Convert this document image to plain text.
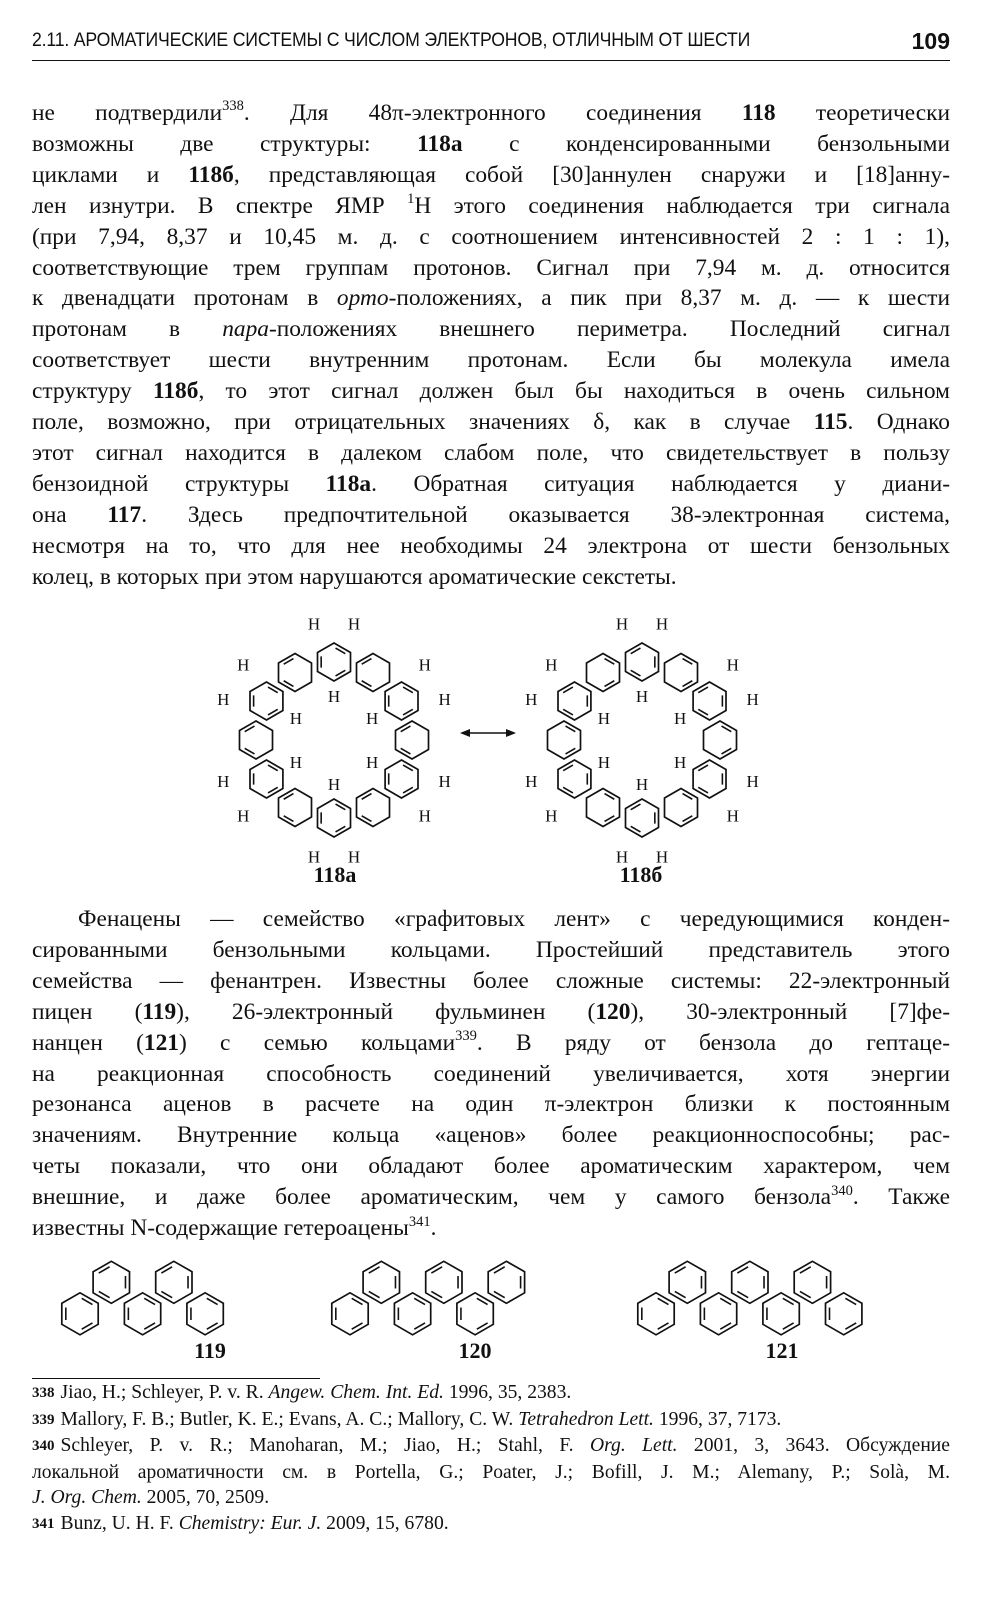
2.11. АРОМАТИЧЕСКИЕ СИСТЕМЫ С ЧИСЛОМ ЭЛЕКТРОНОВ, ОТЛИЧНЫМ ОТ ШЕСТИ	109
не подтвердили$^{338}$. Для 48π-электронного соединения 118 теоретически
возможны две структуры: 118а с конденсированными бензольными
циклами и 118б, представляющая собой [30]аннулен снаружи и [18]анну-
лен изнутри. В спектре ЯМР $^1$Н этого соединения наблюдается три сигнала
(при 7,94, 8,37 и 10,45 м. д. с соотношением интенсивностей 2 : 1 : 1),
соответствующие трем группам протонов. Сигнал при 7,94 м. д. относится
к двенадцати протонам в орто-положениях, а пик при 8,37 м. д. — к шести
протонам в пара-положениях внешнего периметра. Последний сигнал
соответствует шести внутренним протонам. Если бы молекула имела
структуру 118б, то этот сигнал должен был бы находиться в очень сильном
поле, возможно, при отрицательных значениях δ, как в случае 115. Однако
этот сигнал находится в далеком слабом поле, что свидетельствует в пользу
бензоидной структуры 118а. Обратная ситуация наблюдается у диани-
она 117. Здесь предпочтительной оказывается 38-электронная система,
несмотря на то, что для нее необходимы 24 электрона от шести бензольных
колец, в которых при этом нарушаются ароматические секстеты.
H H
H
H
H
H
H
H
H
H
H
H
H
H
H
H
H
H
H H
H
H
H
H
H
H
H
H
H
H
H
H
H
H
H
H
118а	118б
Фенацены — семейство «графитовых лент» с чередующимися конден-
сированными бензольными кольцами. Простейший представитель этого
семейства — фенантрен. Известны более сложные системы: 22-электронный
пицен (119), 26-электронный фульминен (120), 30-электронный [7]фе-
нанцен (121) с семью кольцами$^{339}$. В ряду от бензола до гептаце-
на реакционная способность соединений увеличивается, хотя энергии
резонанса аценов в расчете на один π-электрон близки к постоянным
значениям. Внутренние кольца «аценов» более реакционноспособны; рас-
четы показали, что они обладают более ароматическим характером, чем
внешние, и даже более ароматическим, чем у самого бензола$^{340}$. Также
известны N-содержащие гетероацены$^{341}$.
119	120	121
338 Jiao, H.; Schleyer, P. v. R. Angew. Chem. Int. Ed. 1996, 35, 2383.
339 Mallory, F. B.; Butler, K. E.; Evans, A. C.; Mallory, C. W. Tetrahedron Lett. 1996, 37, 7173.
340 Schleyer, P. v. R.; Manoharan, M.; Jiao, H.; Stahl, F. Org. Lett. 2001, 3, 3643. Обсуждение
локальной ароматичности см. в Portella, G.; Poater, J.; Bofill, J. M.; Alemany, P.; Solà, M.
J. Org. Chem. 2005, 70, 2509.
341 Bunz, U. H. F. Chemistry: Eur. J. 2009, 15, 6780.
